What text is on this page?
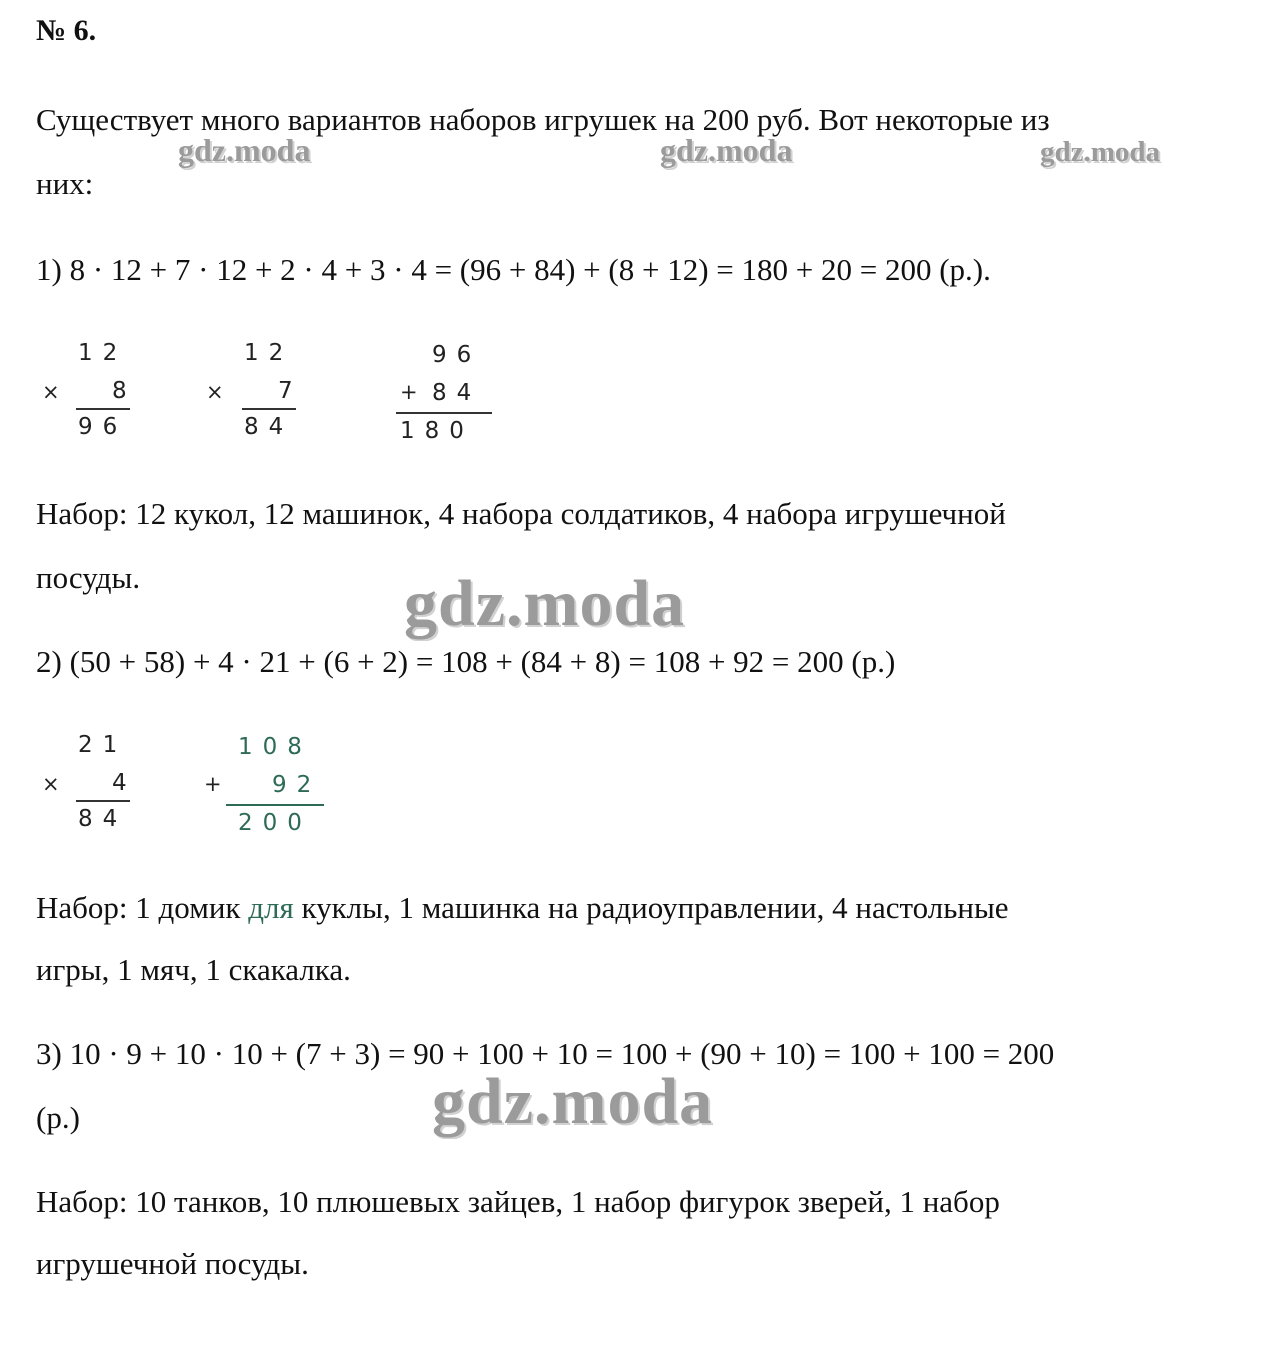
№ 6.
Существует много вариантов наборов игрушек на 200 руб. Вот некоторые из
них:
gdz.moda	gdz.moda	gdz.moda
1) 8 · 12 + 7 · 12 + 2 · 4 + 3 · 4 = (96 + 84) + (8 + 12) = 180 + 20 = 200 (р.).
12
× 8
96
12
× 7
84
96
+ 84
180
Набор: 12 кукол, 12 машинок, 4 набора солдатиков, 4 набора игрушечной
посуды.	gdz.moda
2) (50 + 58) + 4 · 21 + (6 + 2) = 108 + (84 + 8) = 108 + 92 = 200 (р.)
21
× 4
84
108
+ 92
200
Набор: 1 домик для куклы, 1 машинка на радиоуправлении, 4 настольные
игры, 1 мяч, 1 скакалка.
3) 10 · 9 + 10 · 10 + (7 + 3) = 90 + 100 + 10 = 100 + (90 + 10) = 100 + 100 = 200
(р.)	gdz.moda
Набор: 10 танков, 10 плюшевых зайцев, 1 набор фигурок зверей, 1 набор
игрушечной посуды.
